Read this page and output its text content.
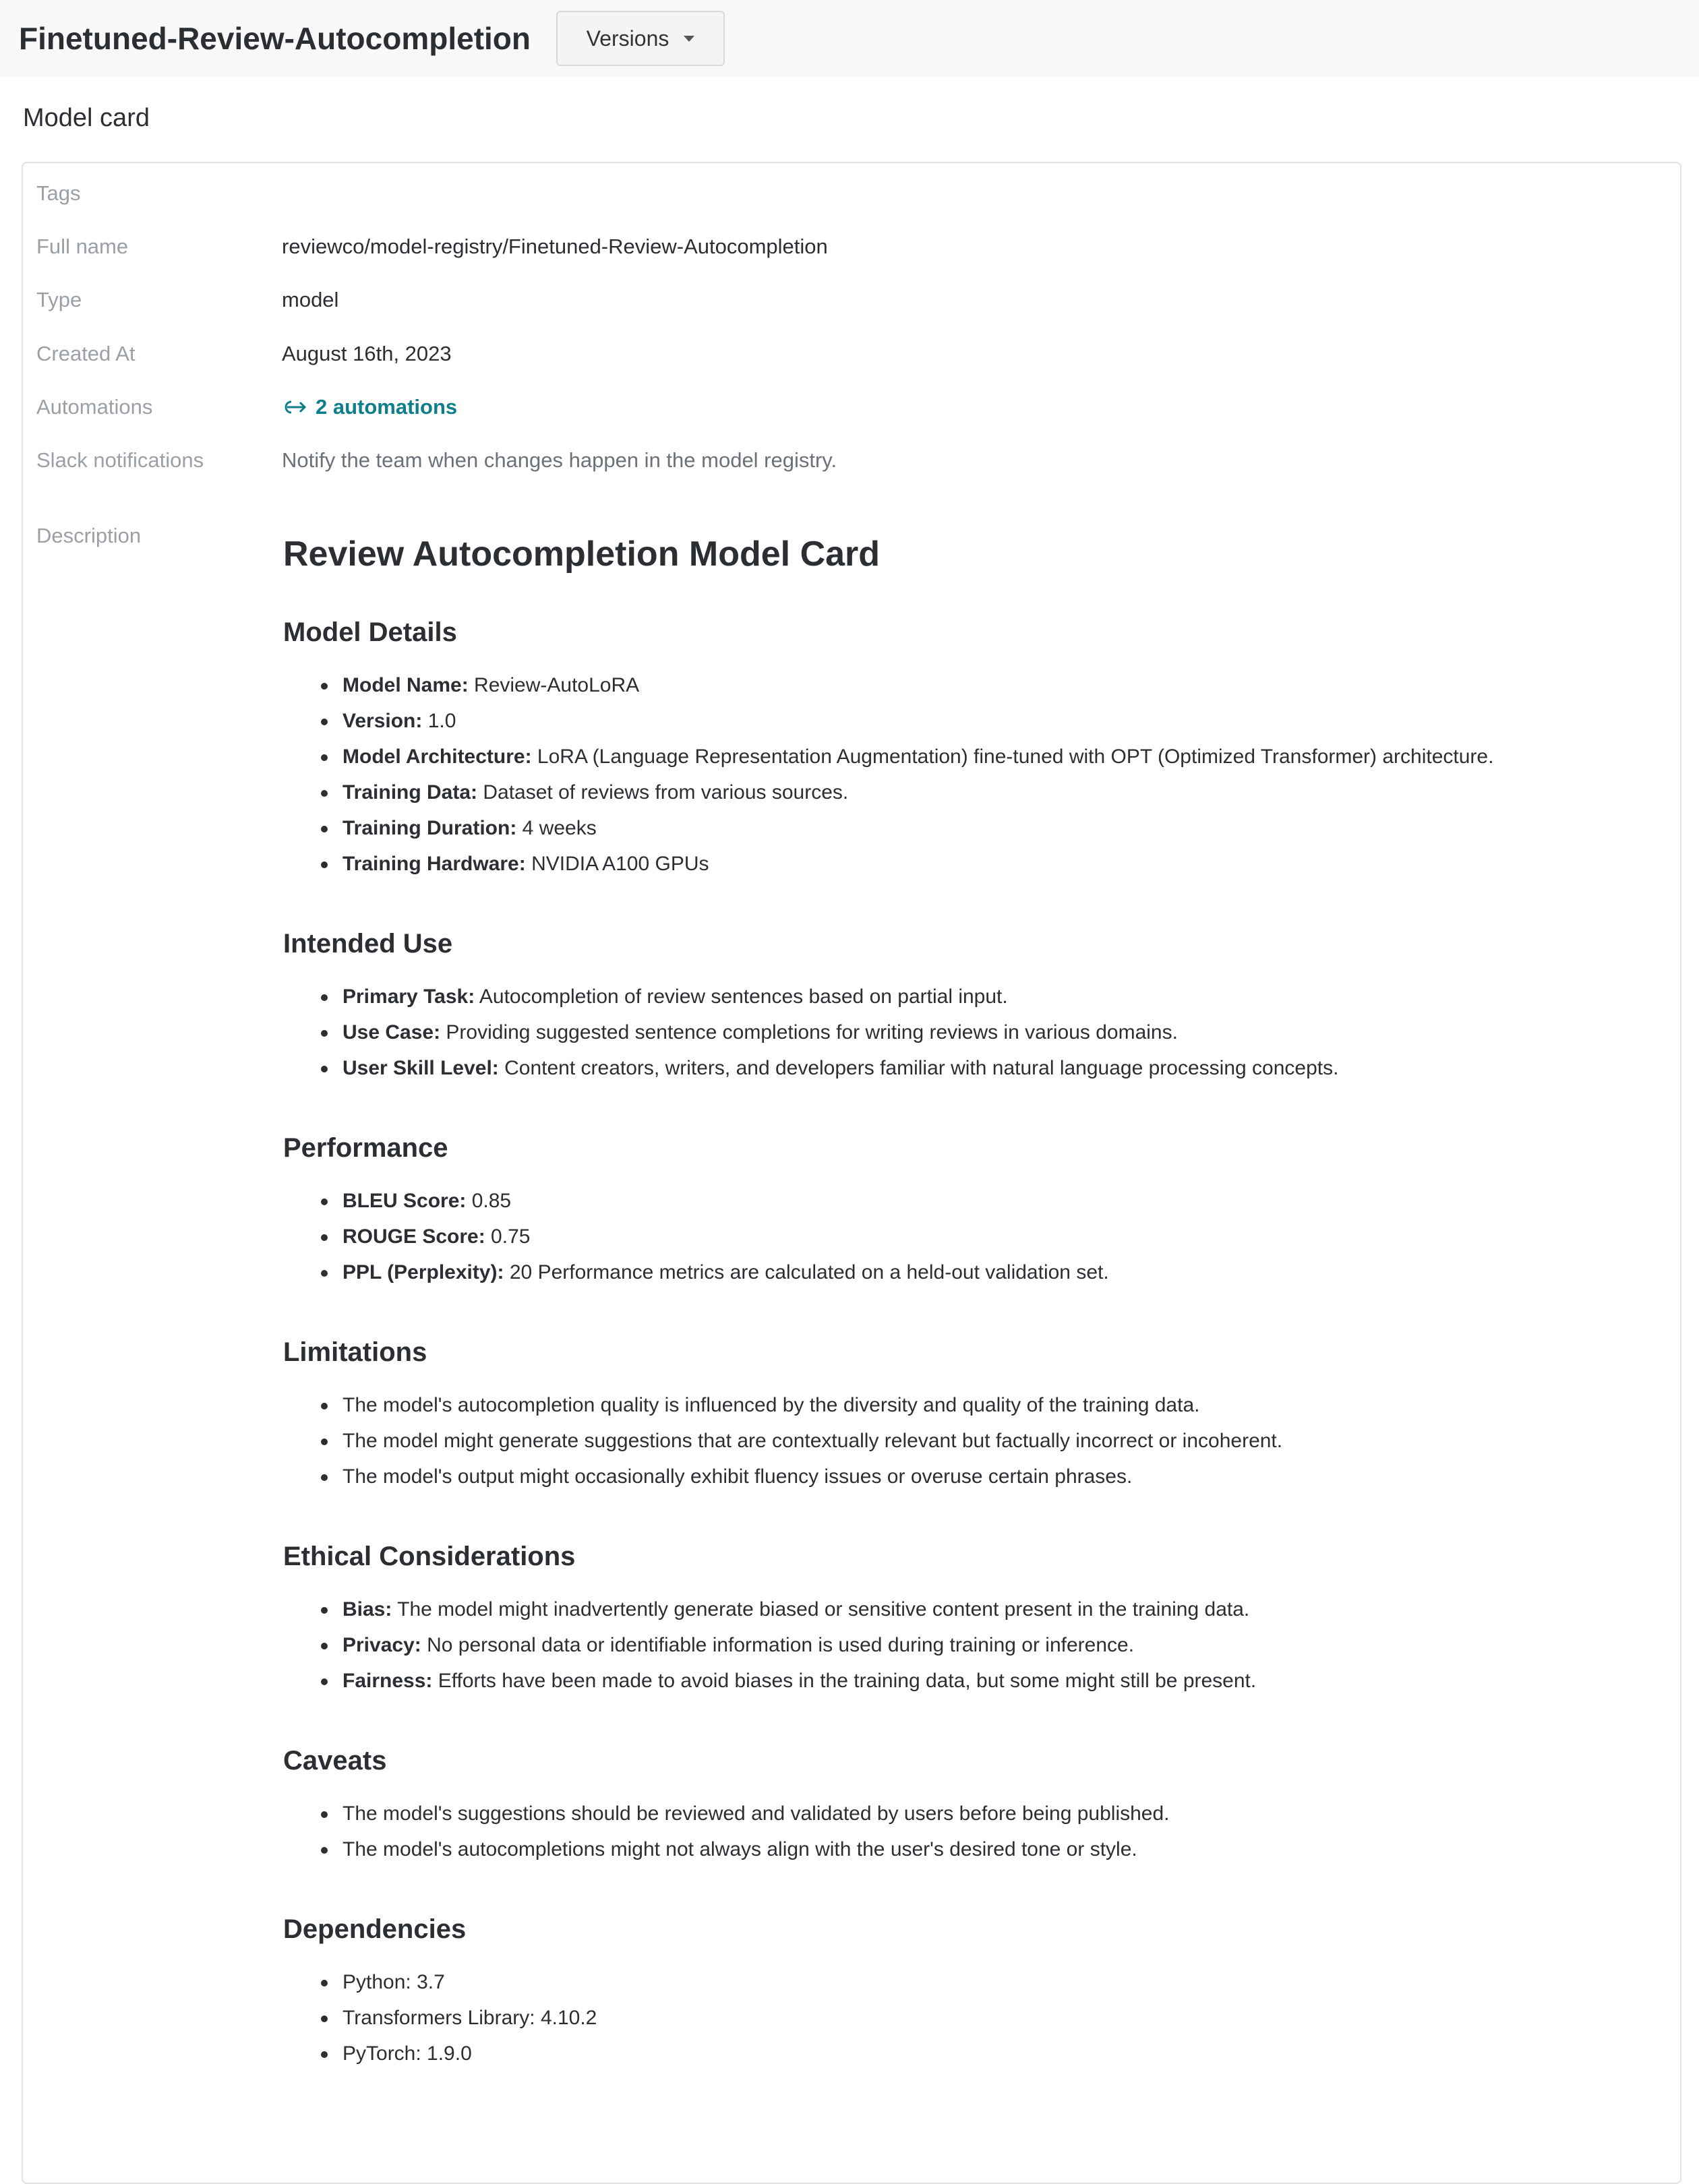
Finetuned-Review-Autocompletion	Versions
Model card
Tags
Full name	reviewco/model-registry/Finetuned-Review-Autocompletion
Type	model
Created At	August 16th, 2023
Automations	2 automations
Slack notifications	Notify the team when changes happen in the model registry.
Description	Review Autocompletion Model Card
Model Details
Model Name: Review-AutoLoRA
Version: 1.0
Model Architecture: LoRA (Language Representation Augmentation) fine-tuned with OPT (Optimized Transformer) architecture.
Training Data: Dataset of reviews from various sources.
Training Duration: 4 weeks
Training Hardware: NVIDIA A100 GPUs
Intended Use
Primary Task: Autocompletion of review sentences based on partial input.
Use Case: Providing suggested sentence completions for writing reviews in various domains.
User Skill Level: Content creators, writers, and developers familiar with natural language processing concepts.
Performance
BLEU Score: 0.85
ROUGE Score: 0.75
PPL (Perplexity): 20 Performance metrics are calculated on a held-out validation set.
Limitations
The model's autocompletion quality is influenced by the diversity and quality of the training data.
The model might generate suggestions that are contextually relevant but factually incorrect or incoherent.
The model's output might occasionally exhibit fluency issues or overuse certain phrases.
Ethical Considerations
Bias: The model might inadvertently generate biased or sensitive content present in the training data.
Privacy: No personal data or identifiable information is used during training or inference.
Fairness: Efforts have been made to avoid biases in the training data, but some might still be present.
Caveats
The model's suggestions should be reviewed and validated by users before being published.
The model's autocompletions might not always align with the user's desired tone or style.
Dependencies
Python: 3.7
Transformers Library: 4.10.2
PyTorch: 1.9.0
